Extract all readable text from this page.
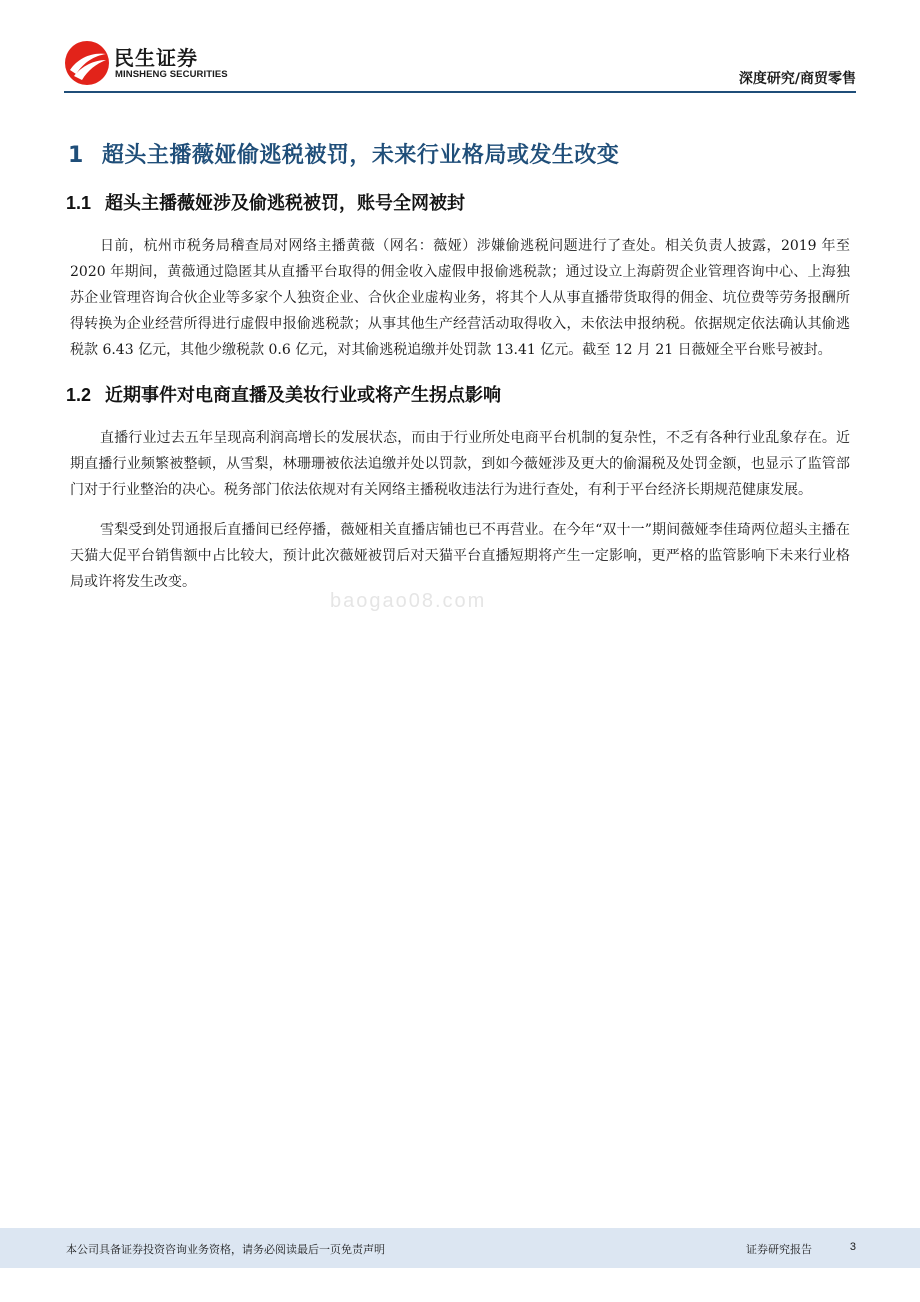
民生证券
MINSHENG SECURITIES	深度研究/商贸零售
1 超头主播薇娅偷逃税被罚，未来行业格局或发生改变
1.1 超头主播薇娅涉及偷逃税被罚，账号全网被封

日前，杭州市税务局稽查局对网络主播黄薇（网名：薇娅）涉嫌偷逃税问题进行了查处。相关负责人披露，2019 年至 2020 年期间，黄薇通过隐匿其从直播平台取得的佣金收入虚假申报偷逃税款；通过设立上海蔚贺企业管理咨询中心、上海独苏企业管理咨询合伙企业等多家个人独资企业、合伙企业虚构业务，将其个人从事直播带货取得的佣金、坑位费等劳务报酬所得转换为企业经营所得进行虚假申报偷逃税款；从事其他生产经营活动取得收入，未依法申报纳税。依据规定依法确认其偷逃税款 6.43 亿元，其他少缴税款 0.6 亿元，对其偷逃税追缴并处罚款 13.41 亿元。截至 12 月 21 日薇娅全平台账号被封。

1.2 近期事件对电商直播及美妆行业或将产生拐点影响

直播行业过去五年呈现高利润高增长的发展状态，而由于行业所处电商平台机制的复杂性，不乏有各种行业乱象存在。近期直播行业频繁被整顿，从雪梨，林珊珊被依法追缴并处以罚款，到如今薇娅涉及更大的偷漏税及处罚金额，也显示了监管部门对于行业整治的决心。税务部门依法依规对有关网络主播税收违法行为进行查处，有利于平台经济长期规范健康发展。

雪梨受到处罚通报后直播间已经停播，薇娅相关直播店铺也已不再营业。在今年“双十一”期间薇娅李佳琦两位超头主播在天猫大促平台销售额中占比较大，预计此次薇娅被罚后对天猫平台直播短期将产生一定影响，更严格的监管影响下未来行业格局或许将发生改变。

baogao08.com
本公司具备证券投资咨询业务资格，请务必阅读最后一页免责声明	证券研究报告	3
